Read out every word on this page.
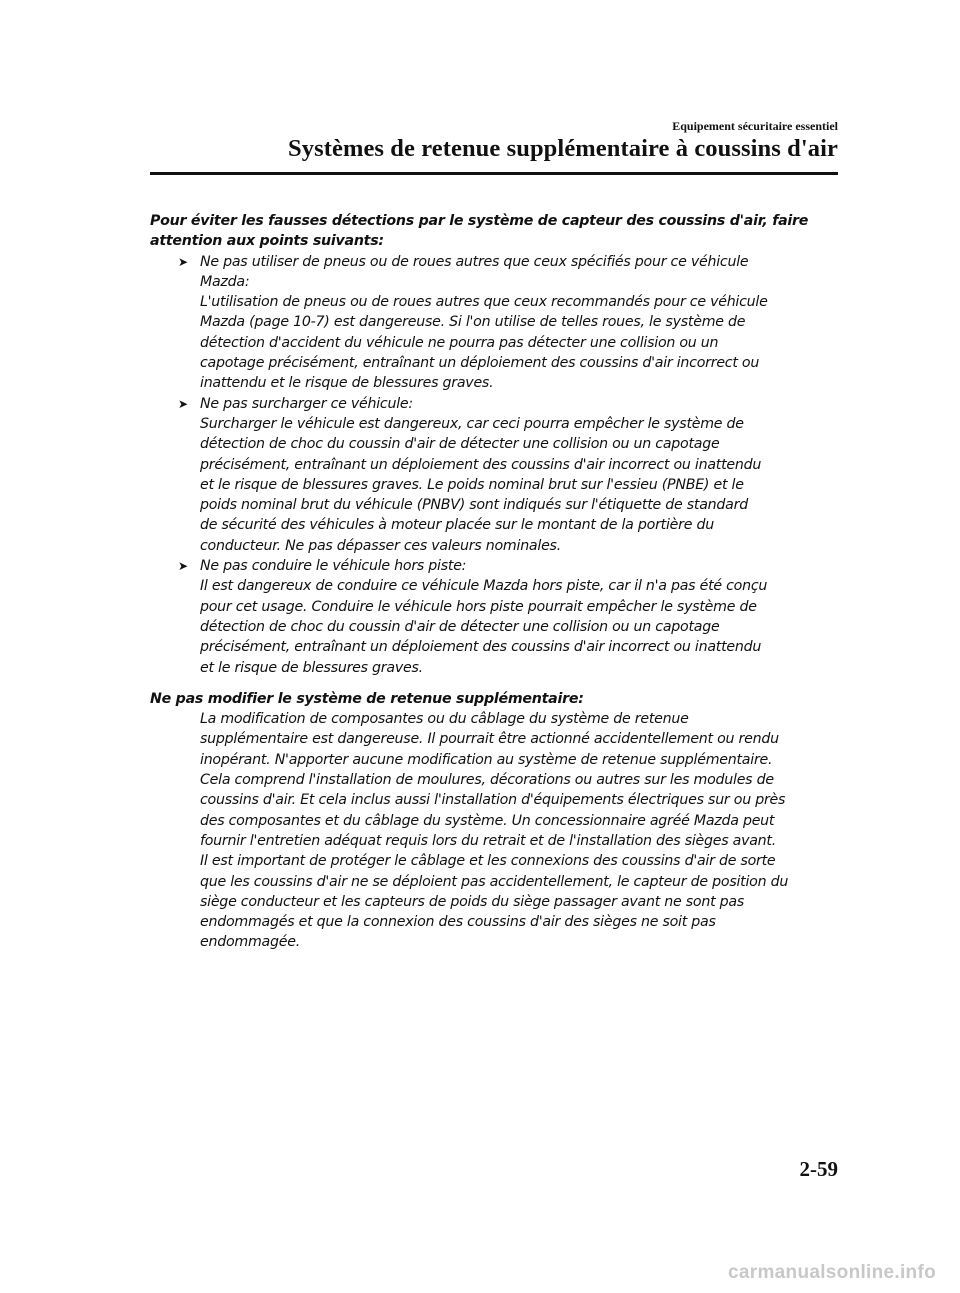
Equipement sécuritaire essentiel
Systèmes de retenue supplémentaire à coussins d'air

Pour éviter les fausses détections par le système de capteur des coussins d'air, faire
attention aux points suivants:

➤ Ne pas utiliser de pneus ou de roues autres que ceux spécifiés pour ce véhicule
Mazda:
L'utilisation de pneus ou de roues autres que ceux recommandés pour ce véhicule
Mazda (page 10-7) est dangereuse. Si l'on utilise de telles roues, le système de
détection d'accident du véhicule ne pourra pas détecter une collision ou un
capotage précisément, entraînant un déploiement des coussins d'air incorrect ou
inattendu et le risque de blessures graves.
➤ Ne pas surcharger ce véhicule:
Surcharger le véhicule est dangereux, car ceci pourra empêcher le système de
détection de choc du coussin d'air de détecter une collision ou un capotage
précisément, entraînant un déploiement des coussins d'air incorrect ou inattendu
et le risque de blessures graves. Le poids nominal brut sur l'essieu (PNBE) et le
poids nominal brut du véhicule (PNBV) sont indiqués sur l'étiquette de standard
de sécurité des véhicules à moteur placée sur le montant de la portière du
conducteur. Ne pas dépasser ces valeurs nominales.
➤ Ne pas conduire le véhicule hors piste:
Il est dangereux de conduire ce véhicule Mazda hors piste, car il n'a pas été conçu
pour cet usage. Conduire le véhicule hors piste pourrait empêcher le système de
détection de choc du coussin d'air de détecter une collision ou un capotage
précisément, entraînant un déploiement des coussins d'air incorrect ou inattendu
et le risque de blessures graves.

Ne pas modifier le système de retenue supplémentaire:

La modification de composantes ou du câblage du système de retenue
supplémentaire est dangereuse. Il pourrait être actionné accidentellement ou rendu
inopérant. N'apporter aucune modification au système de retenue supplémentaire.
Cela comprend l'installation de moulures, décorations ou autres sur les modules de
coussins d'air. Et cela inclus aussi l'installation d'équipements électriques sur ou près
des composantes et du câblage du système. Un concessionnaire agréé Mazda peut
fournir l'entretien adéquat requis lors du retrait et de l'installation des sièges avant.
Il est important de protéger le câblage et les connexions des coussins d'air de sorte
que les coussins d'air ne se déploient pas accidentellement, le capteur de position du
siège conducteur et les capteurs de poids du siège passager avant ne sont pas
endommagés et que la connexion des coussins d'air des sièges ne soit pas
endommagée.
2-59
carmanualsonline.info
